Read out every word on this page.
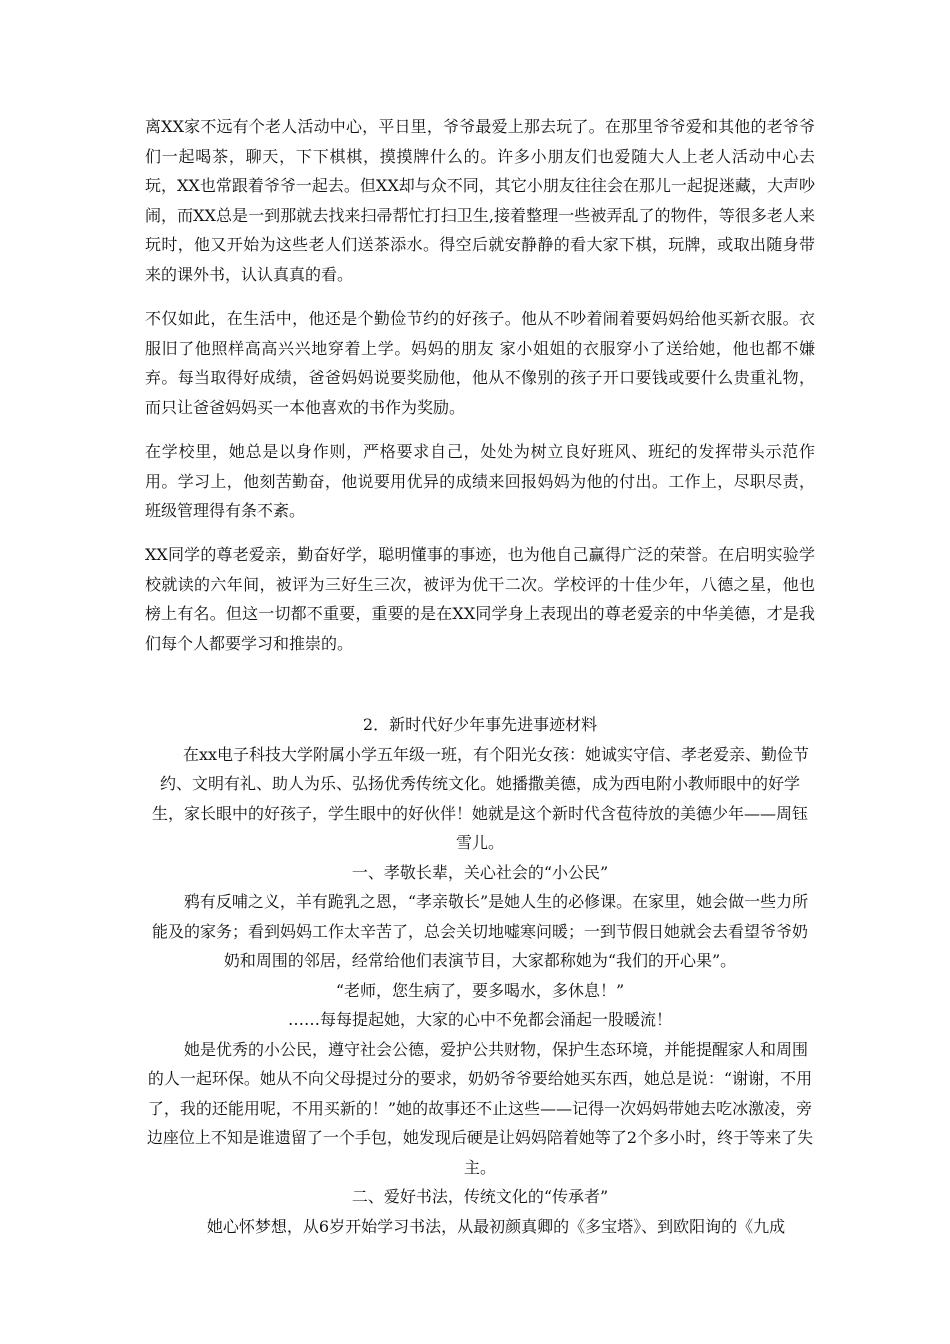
离XX家不远有个老人活动中心，平日里，爷爷最爱上那去玩了。在那里爷爷爱和其他的老爷爷们一起喝茶，聊天，下下棋棋，摸摸牌什么的。许多小朋友们也爱随大人上老人活动中心去玩，XX也常跟着爷爷一起去。但XX却与众不同，其它小朋友往往会在那儿一起捉迷藏，大声吵闹，而XX总是一到那就去找来扫帚帮忙打扫卫生,接着整理一些被弄乱了的物件，等很多老人来玩时，他又开始为这些老人们送茶添水。得空后就安静静的看大家下棋，玩牌，或取出随身带来的课外书，认认真真的看。

不仅如此，在生活中，他还是个勤俭节约的好孩子。他从不吵着闹着要妈妈给他买新衣服。衣服旧了他照样高高兴兴地穿着上学。妈妈的朋友 家小姐姐的衣服穿小了送给她，他也都不嫌弃。每当取得好成绩，爸爸妈妈说要奖励他，他从不像别的孩子开口要钱或要什么贵重礼物，而只让爸爸妈妈买一本他喜欢的书作为奖励。

在学校里，她总是以身作则，严格要求自己，处处为树立良好班风、班纪的发挥带头示范作用。学习上，他刻苦勤奋，他说要用优异的成绩来回报妈妈为他的付出。工作上，尽职尽责，班级管理得有条不紊。

XX同学的尊老爱亲，勤奋好学，聪明懂事的事迹，也为他自己赢得广泛的荣誉。在启明实验学校就读的六年间，被评为三好生三次，被评为优干二次。学校评的十佳少年，八德之星，他也榜上有名。但这一切都不重要，重要的是在XX同学身上表现出的尊老爱亲的中华美德，才是我们每个人都要学习和推崇的。

2．新时代好少年事先进事迹材料

在xx电子科技大学附属小学五年级一班，有个阳光女孩：她诚实守信、孝老爱亲、勤俭节约、文明有礼、助人为乐、弘扬优秀传统文化。她播撒美德，成为西电附小教师眼中的好学生，家长眼中的好孩子，学生眼中的好伙伴！她就是这个新时代含苞待放的美德少年——周钰雪儿。

一、孝敬长辈，关心社会的“小公民”

鸦有反哺之义，羊有跪乳之恩，“孝亲敬长”是她人生的必修课。在家里，她会做一些力所能及的家务；看到妈妈工作太辛苦了，总会关切地嘘寒问暖；一到节假日她就会去看望爷爷奶奶和周围的邻居，经常给他们表演节目，大家都称她为“我们的开心果”。

“老师，您生病了，要多喝水，多休息！”

……每每提起她，大家的心中不免都会涌起一股暖流！

她是优秀的小公民，遵守社会公德，爱护公共财物，保护生态环境，并能提醒家人和周围的人一起环保。她从不向父母提过分的要求，奶奶爷爷要给她买东西，她总是说：“谢谢，不用了，我的还能用呢，不用买新的！”她的故事还不止这些——记得一次妈妈带她去吃冰激凌，旁边座位上不知是谁遗留了一个手包，她发现后硬是让妈妈陪着她等了2个多小时，终于等来了失主。

二、爱好书法，传统文化的“传承者”

她心怀梦想，从6岁开始学习书法，从最初颜真卿的《多宝塔》、到欧阳询的《九成
